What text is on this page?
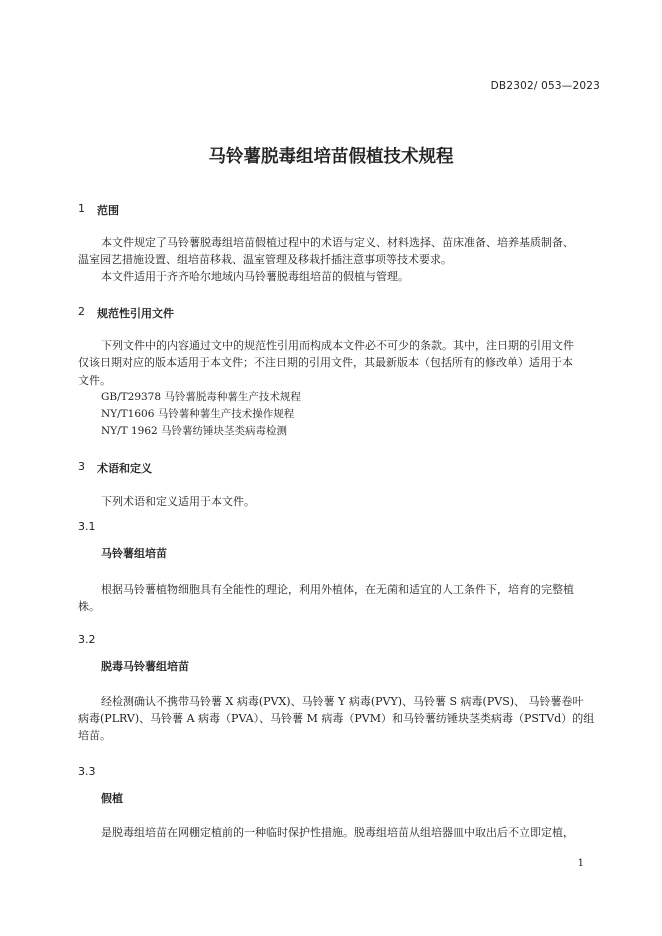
DB2302/ 053—2023
马铃薯脱毒组培苗假植技术规程
1 范围
本文件规定了马铃薯脱毒组培苗假植过程中的术语与定义、材料选择、苗床准备、培养基质制备、
温室园艺措施设置、组培苗移栽、温室管理及移栽扦插注意事项等技术要求。
本文件适用于齐齐哈尔地域内马铃薯脱毒组培苗的假植与管理。
2 规范性引用文件
下列文件中的内容通过文中的规范性引用而构成本文件必不可少的条款。其中，注日期的引用文件
仅该日期对应的版本适用于本文件；不注日期的引用文件，其最新版本（包括所有的修改单）适用于本
文件。
GB/T29378 马铃薯脱毒种薯生产技术规程
NY/T1606 马铃薯种薯生产技术操作规程
NY/T 1962 马铃薯纺锤块茎类病毒检测
3 术语和定义
下列术语和定义适用于本文件。
3.1
马铃薯组培苗
根据马铃薯植物细胞具有全能性的理论，利用外植体，在无菌和适宜的人工条件下，培育的完整植
株。
3.2
脱毒马铃薯组培苗
经检测确认不携带马铃薯 X 病毒(PVX)、马铃薯 Y 病毒(PVY)、马铃薯 S 病毒(PVS)、 马铃薯卷叶
病毒(PLRV)、马铃薯 A 病毒（PVA）、马铃薯 M 病毒（PVM）和马铃薯纺锤块茎类病毒（PSTVd）的组
培苗。
3.3
假植
是脱毒组培苗在网棚定植前的一种临时保护性措施。脱毒组培苗从组培器皿中取出后不立即定植，
1
